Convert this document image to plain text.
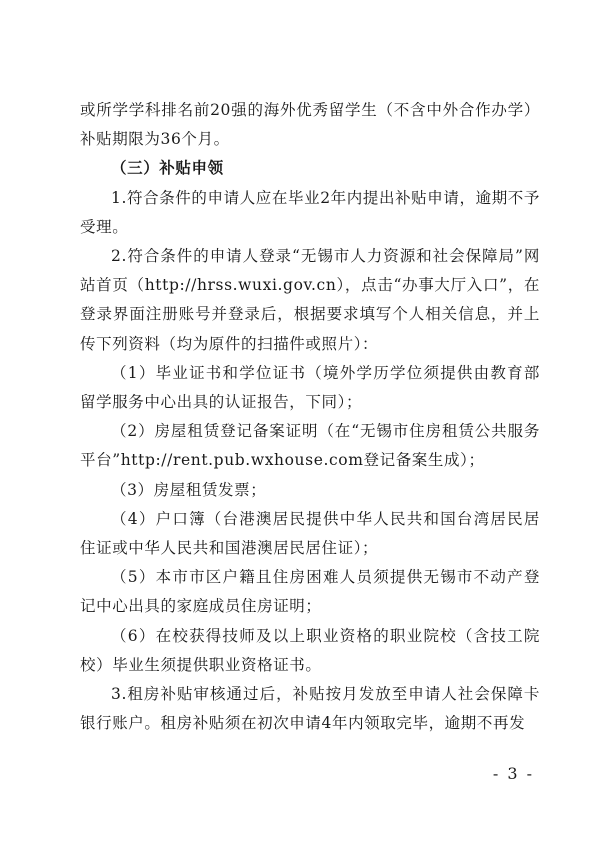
或所学学科排名前20强的海外优秀留学生（不含中外合作办学）补贴期限为36个月。

（三）补贴申领

1.符合条件的申请人应在毕业2年内提出补贴申请，逾期不予受理。

2.符合条件的申请人登录“无锡市人力资源和社会保障局”网站首页（http://hrss.wuxi.gov.cn），点击“办事大厅入口”，在登录界面注册账号并登录后，根据要求填写个人相关信息，并上传下列资料（均为原件的扫描件或照片）：

（1）毕业证书和学位证书（境外学历学位须提供由教育部留学服务中心出具的认证报告，下同）；

（2）房屋租赁登记备案证明（在“无锡市住房租赁公共服务平台”http://rent.pub.wxhouse.com登记备案生成）；

（3）房屋租赁发票；

（4）户口簿（台港澳居民提供中华人民共和国台湾居民居住证或中华人民共和国港澳居民居住证）；

（5）本市市区户籍且住房困难人员须提供无锡市不动产登记中心出具的家庭成员住房证明；

（6）在校获得技师及以上职业资格的职业院校（含技工院校）毕业生须提供职业资格证书。

3.租房补贴审核通过后，补贴按月发放至申请人社会保障卡银行账户。租房补贴须在初次申请4年内领取完毕，逾期不再发

- 3 -
